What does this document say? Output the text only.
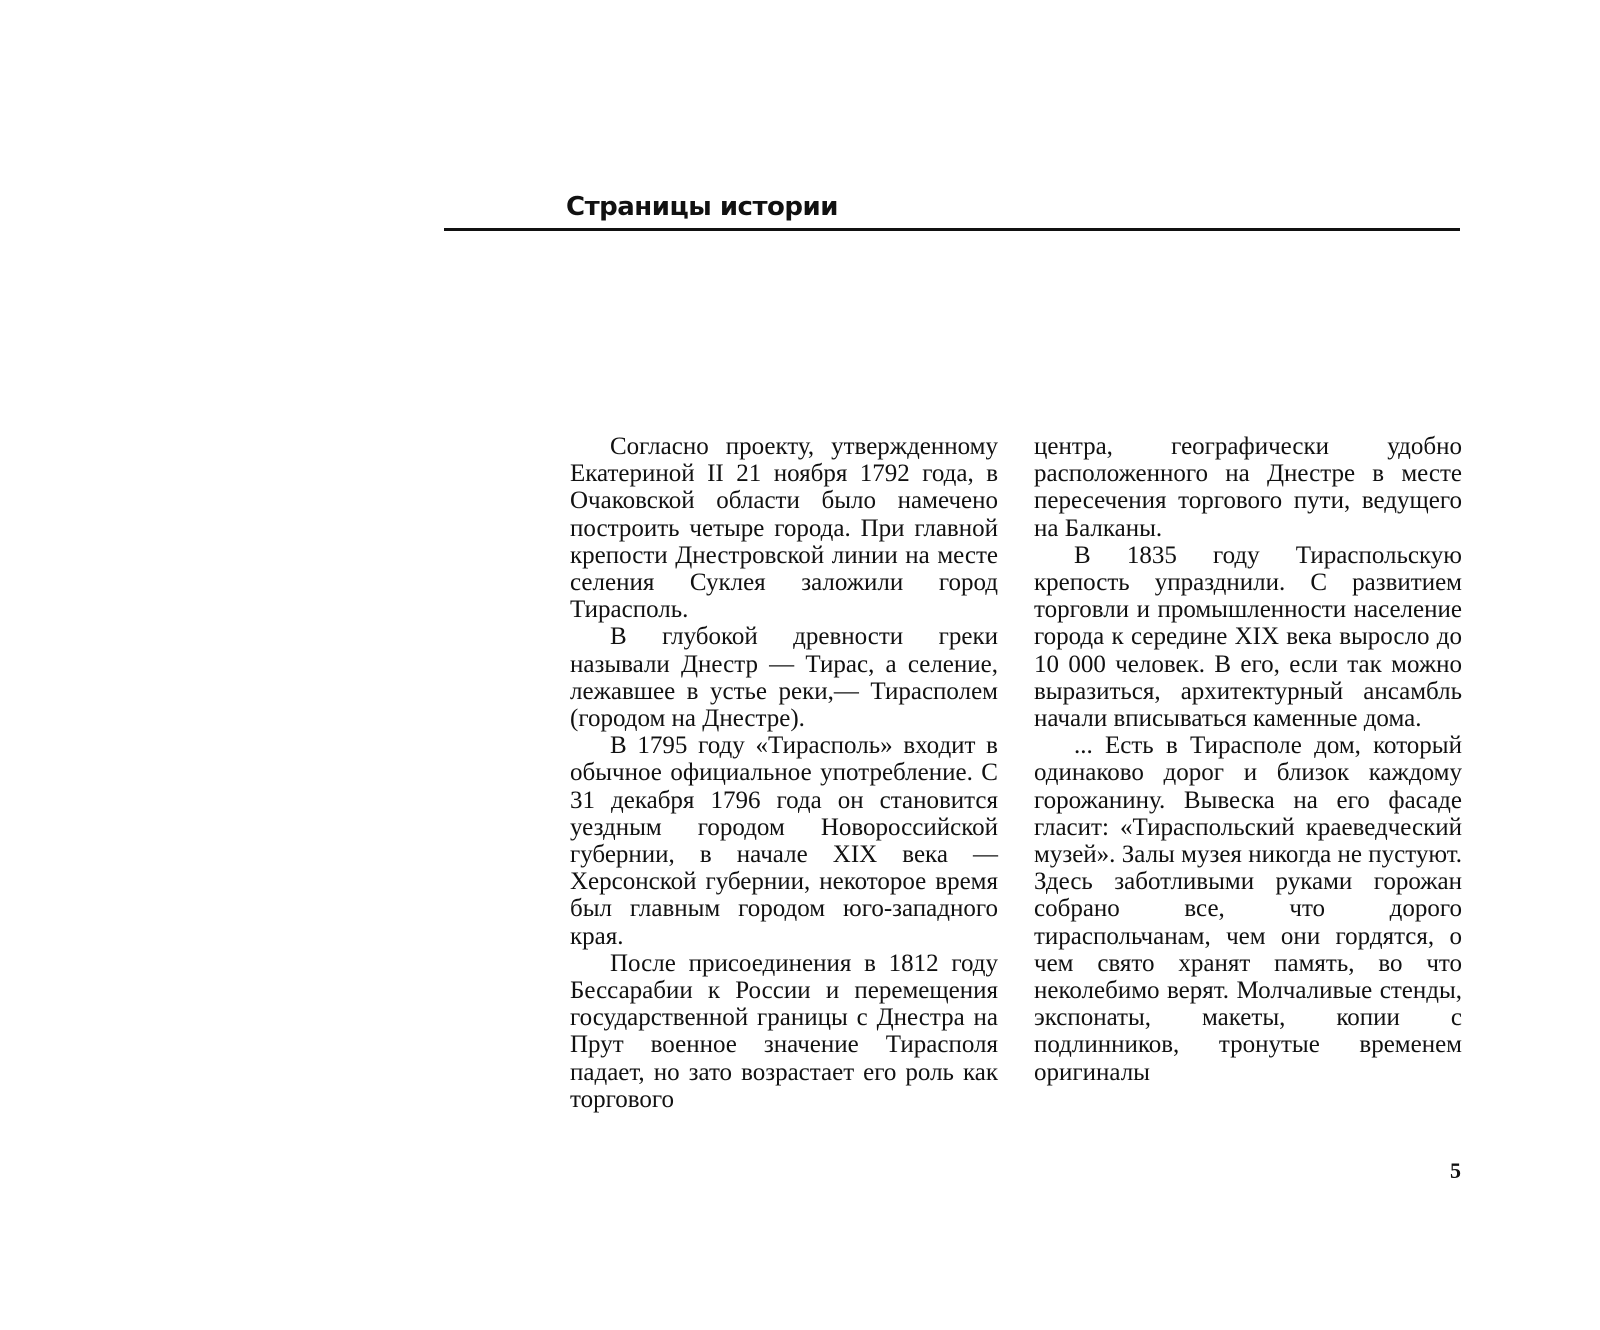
Страницы истории

Согласно проекту, утвержденному Екатериной II 21 ноября 1792 года, в Очаковской области было намечено построить четыре города. При главной крепости Днестровской линии на месте селения Суклея заложили город Тирасполь.

В глубокой древности греки называли Днестр — Тирас, а селение, лежавшее в устье реки,— Тирасполем (городом на Днестре).

В 1795 году «Тирасполь» входит в обычное официальное употребление. С 31 декабря 1796 года он становится уездным городом Новороссийской губернии, в начале XIX века — Херсонской губернии, некоторое время был главным городом юго-западного края.

После присоединения в 1812 году Бессарабии к России и перемещения государственной границы с Днестра на Прут военное значение Тирасполя падает, но зато возрастает его роль как торгового

центра, географически удобно расположенного на Днестре в месте пересечения торгового пути, ведущего на Балканы.

В 1835 году Тираспольскую крепость упразднили. С развитием торговли и промышленности население города к середине XIX века выросло до 10 000 человек. В его, если так можно выразиться, архитектурный ансамбль начали вписываться каменные дома.

... Есть в Тирасполе дом, который одинаково дорог и близок каждому горожанину. Вывеска на его фасаде гласит: «Тираспольский краеведческий музей». Залы музея никогда не пустуют. Здесь заботливыми руками горожан собрано все, что дорого тираспольчанам, чем они гордятся, о чем свято хранят память, во что неколебимо верят. Молчаливые стенды, экспонаты, макеты, копии с подлинников, тронутые временем оригиналы

5
